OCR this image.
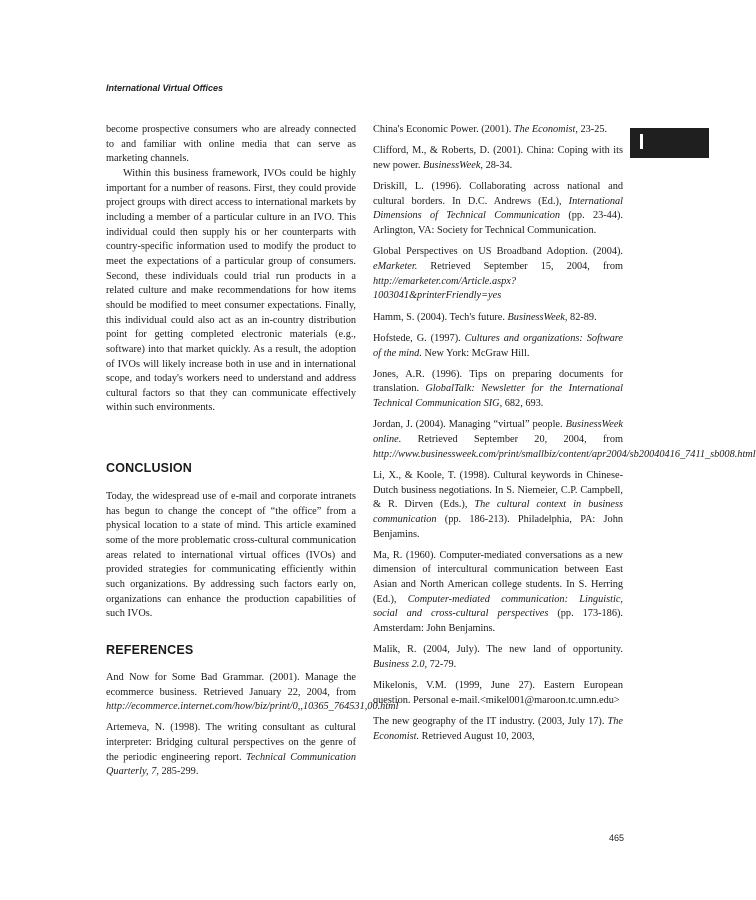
International Virtual Offices

become prospective consumers who are already connected to and familiar with online media that can serve as marketing channels.

Within this business framework, IVOs could be highly important for a number of reasons. First, they could provide project groups with direct access to international markets by including a member of a particular culture in an IVO. This individual could then supply his or her counterparts with country-specific information used to modify the product to meet the expectations of a particular group of consumers. Second, these individuals could trial run products in a related culture and make recommendations for how items should be modified to meet consumer expectations. Finally, this individual could also act as an in-country distribution point for getting completed electronic materials (e.g., software) into that market quickly. As a result, the adoption of IVOs will likely increase both in use and in international scope, and today's workers need to understand and address cultural factors so that they can communicate effectively within such environments.

CONCLUSION
Today, the widespread use of e-mail and corporate intranets has begun to change the concept of “the office” from a physical location to a state of mind. This article examined some of the more problematic cross-cultural communication areas related to international virtual offices (IVOs) and provided strategies for communicating efficiently within such organizations. By addressing such factors early on, organizations can enhance the production capabilities of such IVOs.
REFERENCES

And Now for Some Bad Grammar. (2001). Manage the ecommerce business. Retrieved January 22, 2004, from http://ecommerce.internet.com/how/biz/print/0,,10365_764531,00.html

Artemeva, N. (1998). The writing consultant as cultural interpreter: Bridging cultural perspectives on the genre of the periodic engineering report. Technical Communication Quarterly, 7, 285-299.

China's Economic Power. (2001). The Economist, 23-25.

Clifford, M., & Roberts, D. (2001). China: Coping with its new power. BusinessWeek, 28-34.

Driskill, L. (1996). Collaborating across national and cultural borders. In D.C. Andrews (Ed.), International Dimensions of Technical Communication (pp. 23-44). Arlington, VA: Society for Technical Communication.

Global Perspectives on US Broadband Adoption. (2004). eMarketer. Retrieved September 15, 2004, from http://emarketer.com/Article.aspx?1003041&printerFriendly=yes

Hamm, S. (2004). Tech's future. BusinessWeek, 82-89.

Hofstede, G. (1997). Cultures and organizations: Software of the mind. New York: McGraw Hill.

Jones, A.R. (1996). Tips on preparing documents for translation. GlobalTalk: Newsletter for the International Technical Communication SIG, 682, 693.

Jordan, J. (2004). Managing “virtual” people. BusinessWeek online. Retrieved September 20, 2004, from http://www.businessweek.com/print/smallbiz/content/apr2004/sb20040416_7411_sb008.html

Li, X., & Koole, T. (1998). Cultural keywords in Chinese-Dutch business negotiations. In S. Niemeier, C.P. Campbell, & R. Dirven (Eds.), The cultural context in business communication (pp. 186-213). Philadelphia, PA: John Benjamins.

Ma, R. (1960). Computer-mediated conversations as a new dimension of intercultural communication between East Asian and North American college students. In S. Herring (Ed.), Computer-mediated communication: Linguistic, social and cross-cultural perspectives (pp. 173-186). Amsterdam: John Benjamins.

Malik, R. (2004, July). The new land of opportunity. Business 2.0, 72-79.

Mikelonis, V.M. (1999, June 27). Eastern European question. Personal e-mail.<mikel001@maroon.tc.umn.edu>

The new geography of the IT industry. (2003, July 17). The Economist. Retrieved August 10, 2003,

465
